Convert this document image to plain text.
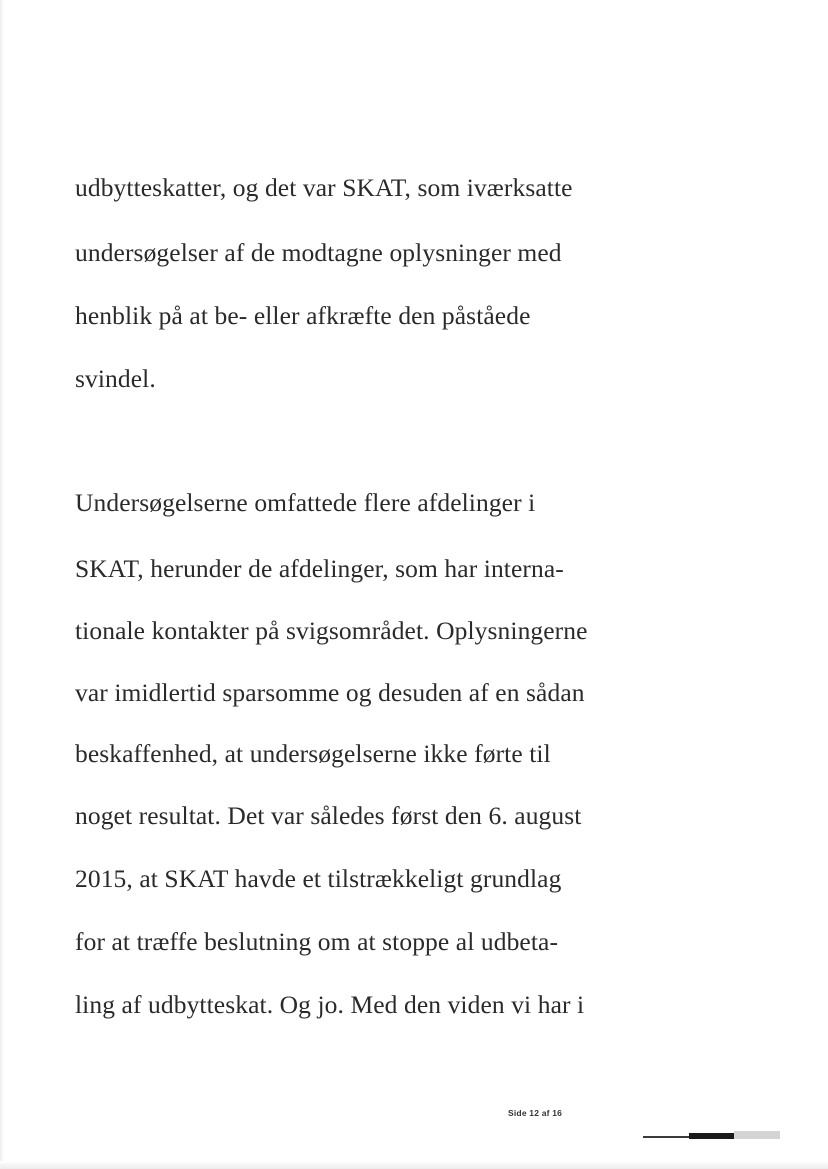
udbytteskatter, og det var SKAT, som iværksatte
undersøgelser af de modtagne oplysninger med
henblik på at be- eller afkræfte den påståede
svindel.
Undersøgelserne omfattede flere afdelinger i
SKAT, herunder de afdelinger, som har interna-
tionale kontakter på svigsområdet. Oplysningerne
var imidlertid sparsomme og desuden af en sådan
beskaffenhed, at undersøgelserne ikke førte til
noget resultat. Det var således først den 6. august
2015, at SKAT havde et tilstrækkeligt grundlag
for at træffe beslutning om at stoppe al udbeta-
ling af udbytteskat. Og jo. Med den viden vi har i
Side 12 af 16
